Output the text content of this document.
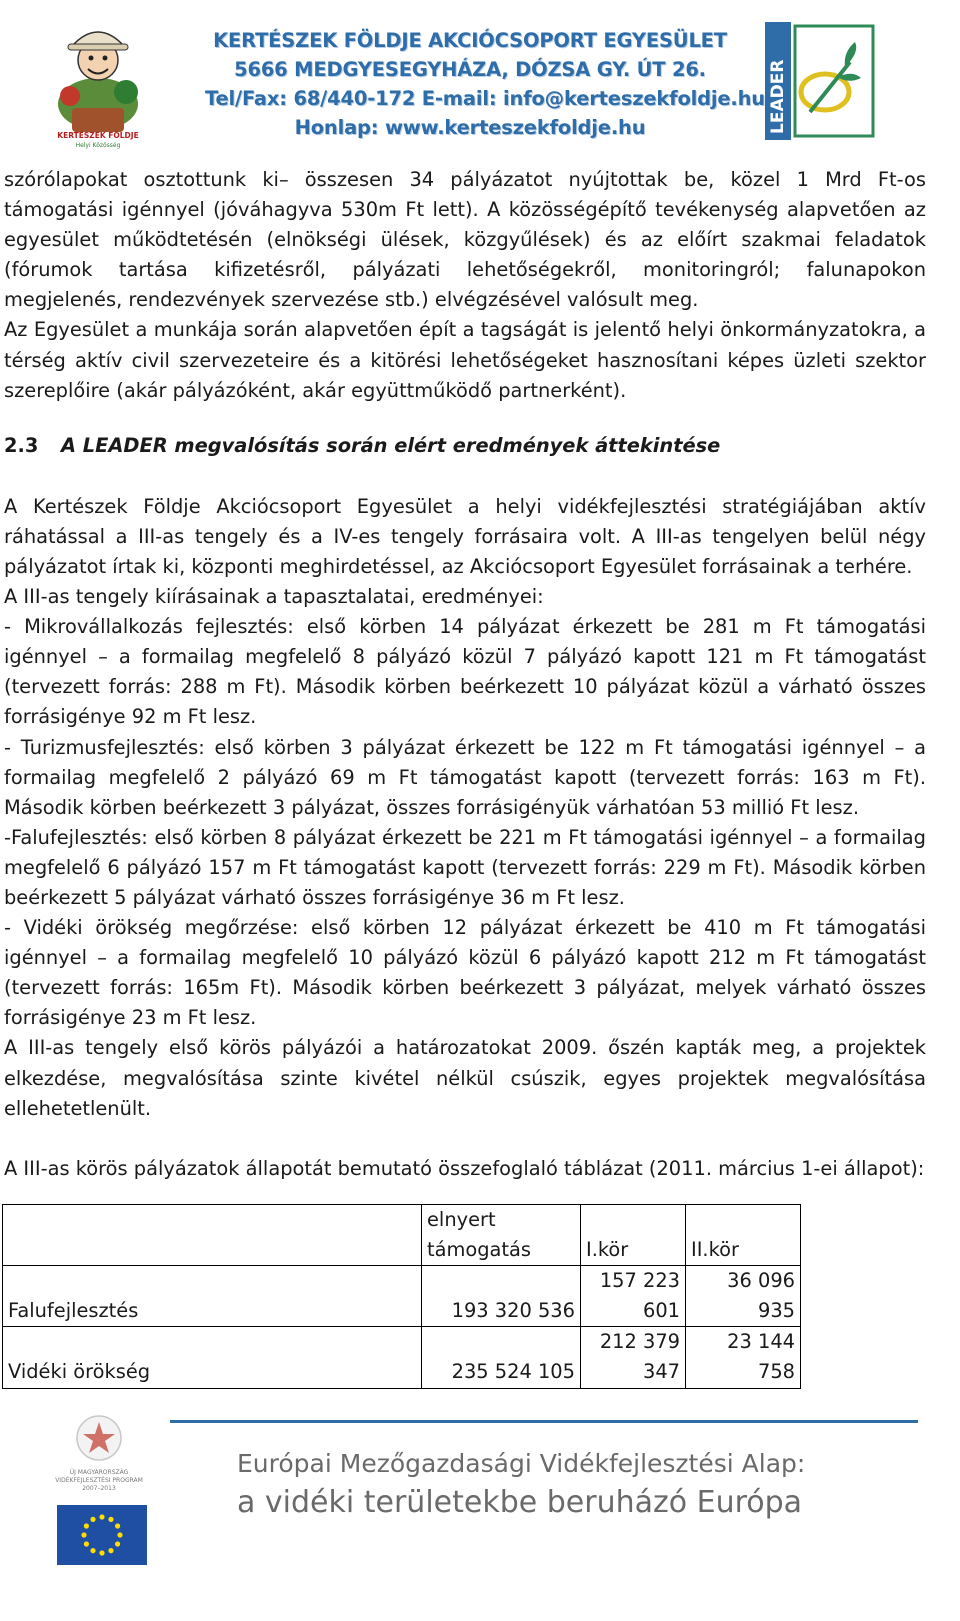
KERTÉSZEK FÖLDJE
Helyi Közösség
KERTÉSZEK FÖLDJE AKCIÓCSOPORT EGYESÜLET
5666 MEDGYESEGYHÁZA, DÓZSA GY. ÚT 26.
Tel/Fax: 68/440-172 E-mail: info@kerteszekfoldje.hu
Honlap: www.kerteszekfoldje.hu	LEADER

szórólapokat osztottunk ki– összesen 34 pályázatot nyújtottak be, közel 1 Mrd Ft-os támogatási igénnyel (jóváhagyva 530m Ft lett). A közösségépítő tevékenység alapvetően az egyesület működtetésén (elnökségi ülések, közgyűlések) és az előírt szakmai feladatok (fórumok tartása kifizetésről, pályázati lehetőségekről, monitoringról; falunapokon megjelenés, rendezvények szervezése stb.) elvégzésével valósult meg.

Az Egyesület a munkája során alapvetően épít a tagságát is jelentő helyi önkormányzatokra, a térség aktív civil szervezeteire és a kitörési lehetőségeket hasznosítani képes üzleti szektor szereplőire (akár pályázóként, akár együttműködő partnerként).

2.3 A LEADER megvalósítás során elért eredmények áttekintése

A Kertészek Földje Akciócsoport Egyesület a helyi vidékfejlesztési stratégiájában aktív ráhatással a III-as tengely és a IV-es tengely forrásaira volt. A III-as tengelyen belül négy pályázatot írtak ki, központi meghirdetéssel, az Akciócsoport Egyesület forrásainak a terhére.

A III-as tengely kiírásainak a tapasztalatai, eredményei:

- Mikrovállalkozás fejlesztés: első körben 14 pályázat érkezett be 281 m Ft támogatási igénnyel – a formailag megfelelő 8 pályázó közül 7 pályázó kapott 121 m Ft támogatást (tervezett forrás: 288 m Ft). Második körben beérkezett 10 pályázat közül a várható összes forrásigénye 92 m Ft lesz.

- Turizmusfejlesztés: első körben 3 pályázat érkezett be 122 m Ft támogatási igénnyel – a formailag megfelelő 2 pályázó 69 m Ft támogatást kapott (tervezett forrás: 163 m Ft). Második körben beérkezett 3 pályázat, összes forrásigényük várhatóan 53 millió Ft lesz.

-Falufejlesztés: első körben 8 pályázat érkezett be 221 m Ft támogatási igénnyel – a formailag megfelelő 6 pályázó 157 m Ft támogatást kapott (tervezett forrás: 229 m Ft). Második körben beérkezett 5 pályázat várható összes forrásigénye 36 m Ft lesz.

- Vidéki örökség megőrzése: első körben 12 pályázat érkezett be 410 m Ft támogatási igénnyel – a formailag megfelelő 10 pályázó közül 6 pályázó kapott 212 m Ft támogatást (tervezett forrás: 165m Ft). Második körben beérkezett 3 pályázat, melyek várható összes forrásigénye 23 m Ft lesz.

A III-as tengely első körös pályázói a határozatokat 2009. őszén kapták meg, a projektek elkezdése, megvalósítása szinte kivétel nélkül csúszik, egyes projektek megvalósítása ellehetetlenült.

A III-as körös pályázatok állapotát bemutató összefoglaló táblázat (2011. március 1-ei állapot):

	elnyert támogatás	I.kör	II.kör
Falufejlesztés	193 320 536	157 223 601	36 096 935
Vidéki örökség	235 524 105	212 379 347	23 144 758
ÚJ MAGYARORSZÁG
VIDÉKFEJLESZTÉSI PROGRAM
2007–2013
Európai Mezőgazdasági Vidékfejlesztési Alap:
a vidéki területekbe beruházó Európa
